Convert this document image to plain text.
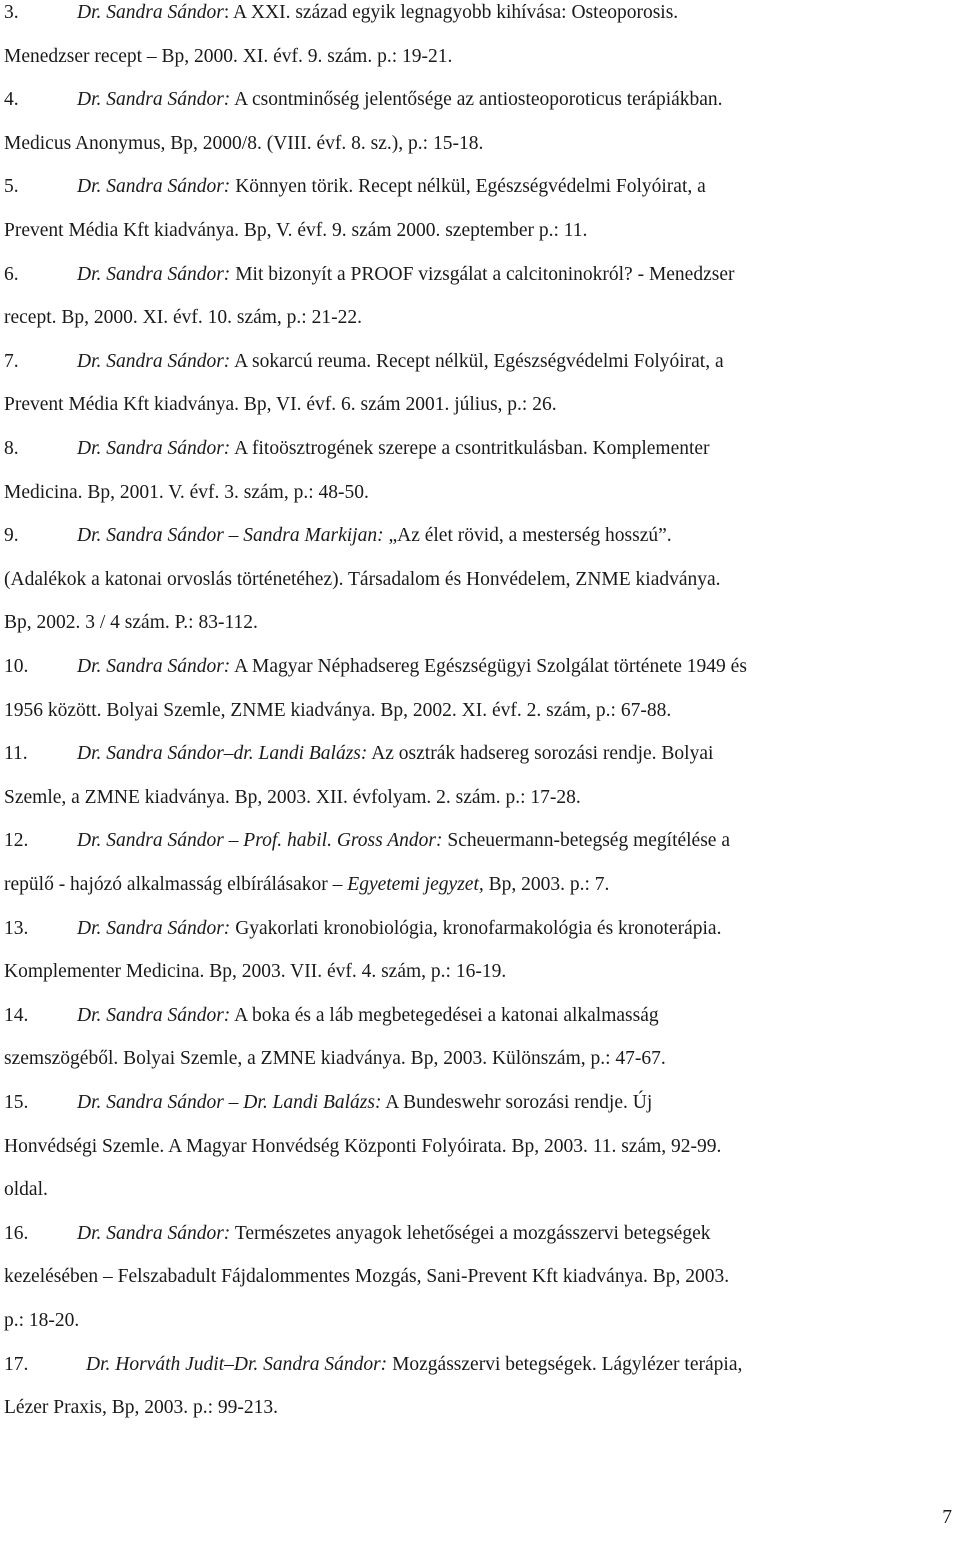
3.	Dr. Sandra Sándor: A XXI. század egyik legnagyobb kihívása: Osteoporosis.

Menedzser recept – Bp, 2000. XI. évf. 9. szám. p.: 19-21.

4.	Dr. Sandra Sándor: A csontminőség jelentősége az antiosteoporoticus terápiákban.

Medicus Anonymus, Bp, 2000/8. (VIII. évf. 8. sz.), p.: 15-18.

5.	Dr. Sandra Sándor: Könnyen törik. Recept nélkül, Egészségvédelmi Folyóirat, a

Prevent Média Kft kiadványa. Bp, V. évf. 9. szám 2000. szeptember p.: 11.

6.	Dr. Sandra Sándor: Mit bizonyít a PROOF vizsgálat a calcitoninokról? - Menedzser

recept. Bp, 2000. XI. évf. 10. szám, p.: 21-22.

7.	Dr. Sandra Sándor: A sokarcú reuma. Recept nélkül, Egészségvédelmi Folyóirat, a

Prevent Média Kft kiadványa. Bp, VI. évf. 6. szám 2001. július, p.: 26.

8.	Dr. Sandra Sándor: A fitoösztrogének szerepe a csontritkulásban. Komplementer

Medicina. Bp, 2001. V. évf. 3. szám, p.: 48-50.

9.	Dr. Sandra Sándor – Sandra Markijan: „Az élet rövid, a mesterség hosszú”.

(Adalékok a katonai orvoslás történetéhez). Társadalom és Honvédelem, ZNME kiadványa.

Bp, 2002. 3 / 4 szám. P.: 83-112.

10. Dr. Sandra Sándor: A Magyar Néphadsereg Egészségügyi Szolgálat története 1949 és

1956 között. Bolyai Szemle, ZNME kiadványa. Bp, 2002. XI. évf. 2. szám, p.: 67-88.

11.	Dr. Sandra Sándor–dr. Landi Balázs: Az osztrák hadsereg sorozási rendje. Bolyai

Szemle, a ZMNE kiadványa. Bp, 2003. XII. évfolyam. 2. szám. p.: 17-28.

12. Dr. Sandra Sándor – Prof. habil. Gross Andor: Scheuermann-betegség megítélése a

repülő - hajózó alkalmasság elbírálásakor – Egyetemi jegyzet, Bp, 2003. p.: 7.

13. Dr. Sandra Sándor: Gyakorlati kronobiológia, kronofarmakológia és kronoterápia.

Komplementer Medicina. Bp, 2003. VII. évf. 4. szám, p.: 16-19.

14. Dr. Sandra Sándor: A boka és a láb megbetegedései a katonai alkalmasság

szemszögéből. Bolyai Szemle, a ZMNE kiadványa. Bp, 2003. Különszám, p.: 47-67.

15. Dr. Sandra Sándor – Dr. Landi Balázs: A Bundeswehr sorozási rendje. Új

Honvédségi Szemle. A Magyar Honvédség Központi Folyóirata. Bp, 2003. 11. szám, 92-99.

oldal.

16. Dr. Sandra Sándor: Természetes anyagok lehetőségei a mozgásszervi betegségek

kezelésében – Felszabadult Fájdalommentes Mozgás, Sani-Prevent Kft kiadványa. Bp, 2003.

p.: 18-20.

17.	Dr. Horváth Judit–Dr. Sandra Sándor: Mozgásszervi betegségek. Lágylézer terápia,

Lézer Praxis, Bp, 2003. p.: 99-213.

7
